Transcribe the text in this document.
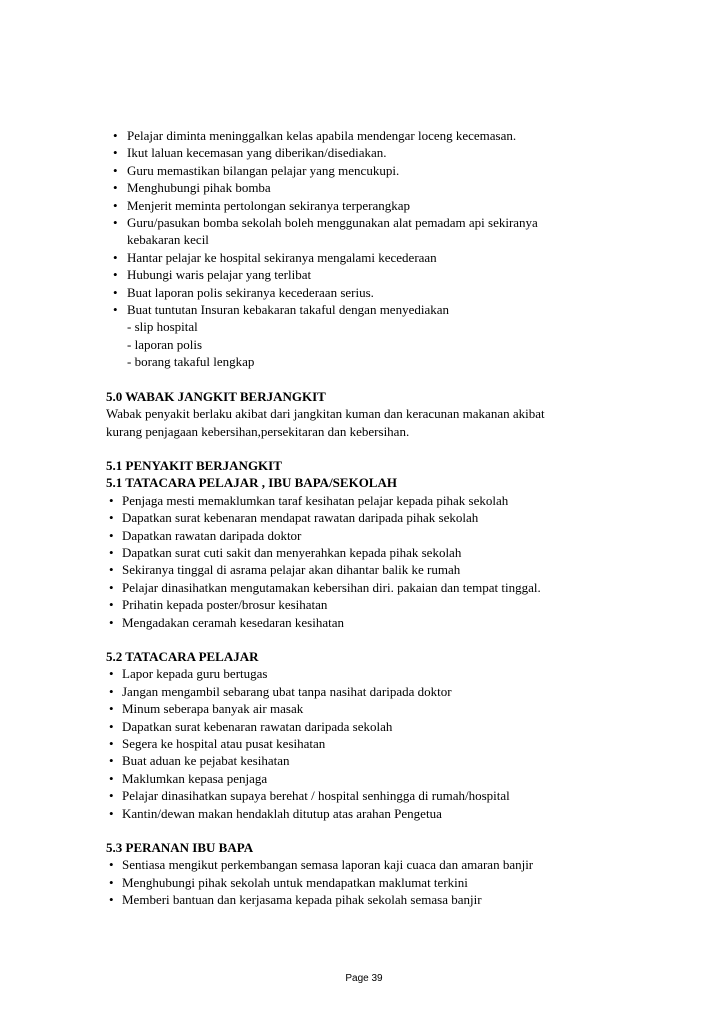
• Pelajar diminta meninggalkan kelas apabila mendengar loceng kecemasan.
• Ikut laluan kecemasan yang diberikan/disediakan.
• Guru memastikan bilangan pelajar yang mencukupi.
• Menghubungi pihak bomba
• Menjerit meminta pertolongan sekiranya terperangkap
• Guru/pasukan bomba sekolah boleh menggunakan alat pemadam api sekiranya
kebakaran kecil
• Hantar pelajar ke hospital sekiranya mengalami kecederaan
• Hubungi waris pelajar yang terlibat
• Buat laporan polis sekiranya kecederaan serius.
• Buat tuntutan Insuran kebakaran takaful dengan menyediakan
- slip hospital
- laporan polis
- borang takaful lengkap

5.0 WABAK JANGKIT BERJANGKIT

Wabak penyakit berlaku akibat dari jangkitan kuman dan keracunan makanan akibat

kurang penjagaan kebersihan,persekitaran dan kebersihan.

5.1 PENYAKIT BERJANGKIT

5.1 TATACARA PELAJAR , IBU BAPA/SEKOLAH

• Penjaga mesti memaklumkan taraf kesihatan pelajar kepada pihak sekolah
• Dapatkan surat kebenaran mendapat rawatan daripada pihak sekolah
• Dapatkan rawatan daripada doktor
• Dapatkan surat cuti sakit dan menyerahkan kepada pihak sekolah
• Sekiranya tinggal di asrama pelajar akan dihantar balik ke rumah
• Pelajar dinasihatkan mengutamakan kebersihan diri. pakaian dan tempat tinggal.
• Prihatin kepada poster/brosur kesihatan
• Mengadakan ceramah kesedaran kesihatan

5.2 TATACARA PELAJAR

• Lapor kepada guru bertugas
• Jangan mengambil sebarang ubat tanpa nasihat daripada doktor
• Minum seberapa banyak air masak
• Dapatkan surat kebenaran rawatan daripada sekolah
• Segera ke hospital atau pusat kesihatan
• Buat aduan ke pejabat kesihatan
• Maklumkan kepasa penjaga
• Pelajar dinasihatkan supaya berehat / hospital senhingga di rumah/hospital
• Kantin/dewan makan hendaklah ditutup atas arahan Pengetua

5.3 PERANAN IBU BAPA

• Sentiasa mengikut perkembangan semasa laporan kaji cuaca dan amaran banjir
• Menghubungi pihak sekolah untuk mendapatkan maklumat terkini
• Memberi bantuan dan kerjasama kepada pihak sekolah semasa banjir
Page 39
